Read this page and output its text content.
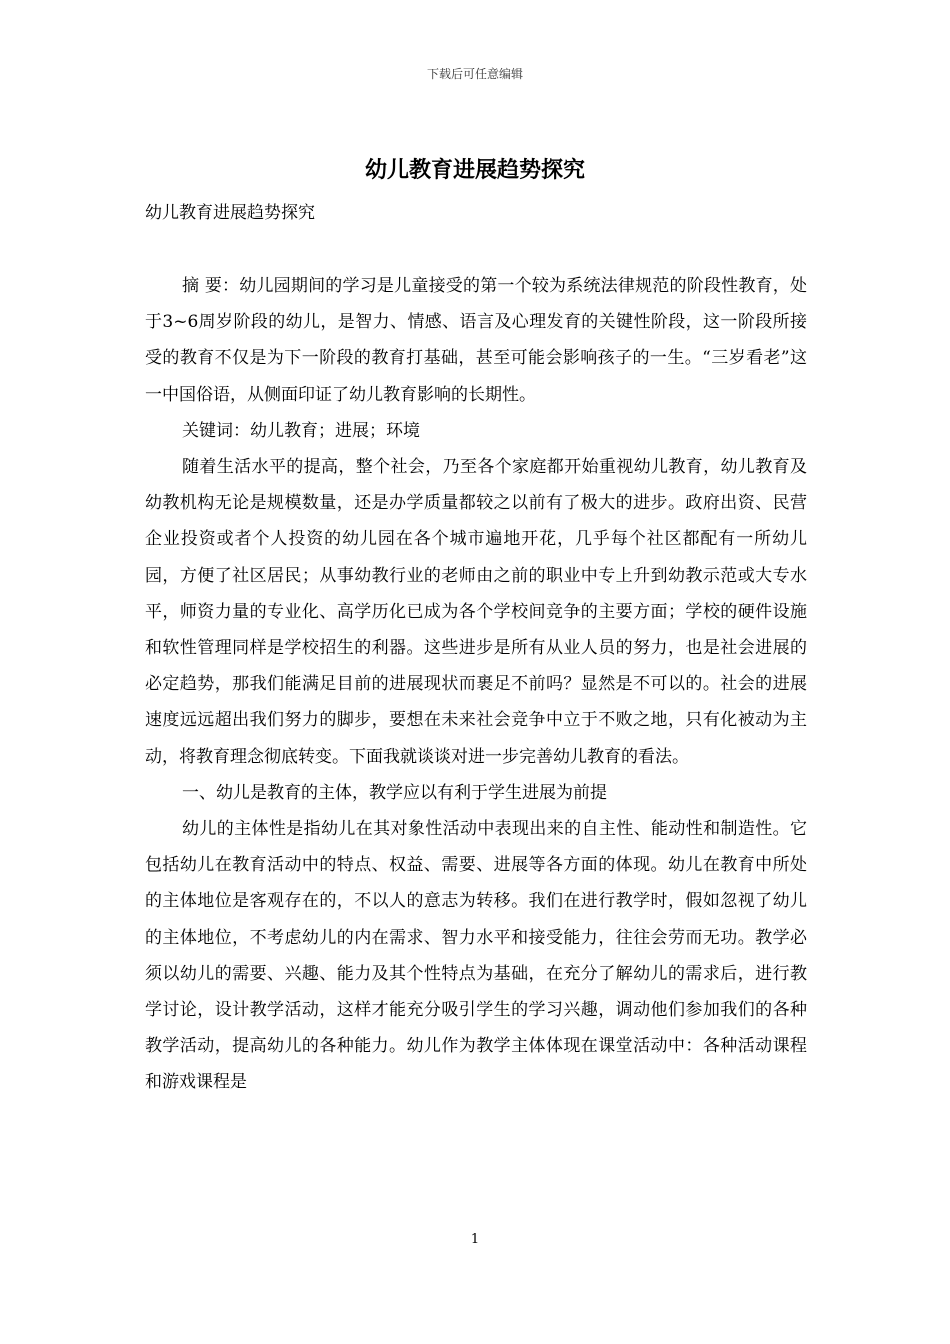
下载后可任意编辑
幼儿教育进展趋势探究

幼儿教育进展趋势探究

摘 要：幼儿园期间的学习是儿童接受的第一个较为系统法律规范的阶段性教育，处于3~6周岁阶段的幼儿，是智力、情感、语言及心理发育的关键性阶段，这一阶段所接受的教育不仅是为下一阶段的教育打基础，甚至可能会影响孩子的一生。“三岁看老”这一中国俗语，从侧面印证了幼儿教育影响的长期性。

关键词：幼儿教育；进展；环境

随着生活水平的提高，整个社会，乃至各个家庭都开始重视幼儿教育，幼儿教育及幼教机构无论是规模数量，还是办学质量都较之以前有了极大的进步。政府出资、民营企业投资或者个人投资的幼儿园在各个城市遍地开花，几乎每个社区都配有一所幼儿园，方便了社区居民；从事幼教行业的老师由之前的职业中专上升到幼教示范或大专水平，师资力量的专业化、高学历化已成为各个学校间竞争的主要方面；学校的硬件设施和软性管理同样是学校招生的利器。这些进步是所有从业人员的努力，也是社会进展的必定趋势，那我们能满足目前的进展现状而裹足不前吗？显然是不可以的。社会的进展速度远远超出我们努力的脚步，要想在未来社会竞争中立于不败之地，只有化被动为主动，将教育理念彻底转变。下面我就谈谈对进一步完善幼儿教育的看法。

一、幼儿是教育的主体，教学应以有利于学生进展为前提

幼儿的主体性是指幼儿在其对象性活动中表现出来的自主性、能动性和制造性。它包括幼儿在教育活动中的特点、权益、需要、进展等各方面的体现。幼儿在教育中所处的主体地位是客观存在的，不以人的意志为转移。我们在进行教学时，假如忽视了幼儿的主体地位，不考虑幼儿的内在需求、智力水平和接受能力，往往会劳而无功。教学必须以幼儿的需要、兴趣、能力及其个性特点为基础，在充分了解幼儿的需求后，进行教学讨论，设计教学活动，这样才能充分吸引学生的学习兴趣，调动他们参加我们的各种教学活动，提高幼儿的各种能力。幼儿作为教学主体体现在课堂活动中：各种活动课程和游戏课程是

1
